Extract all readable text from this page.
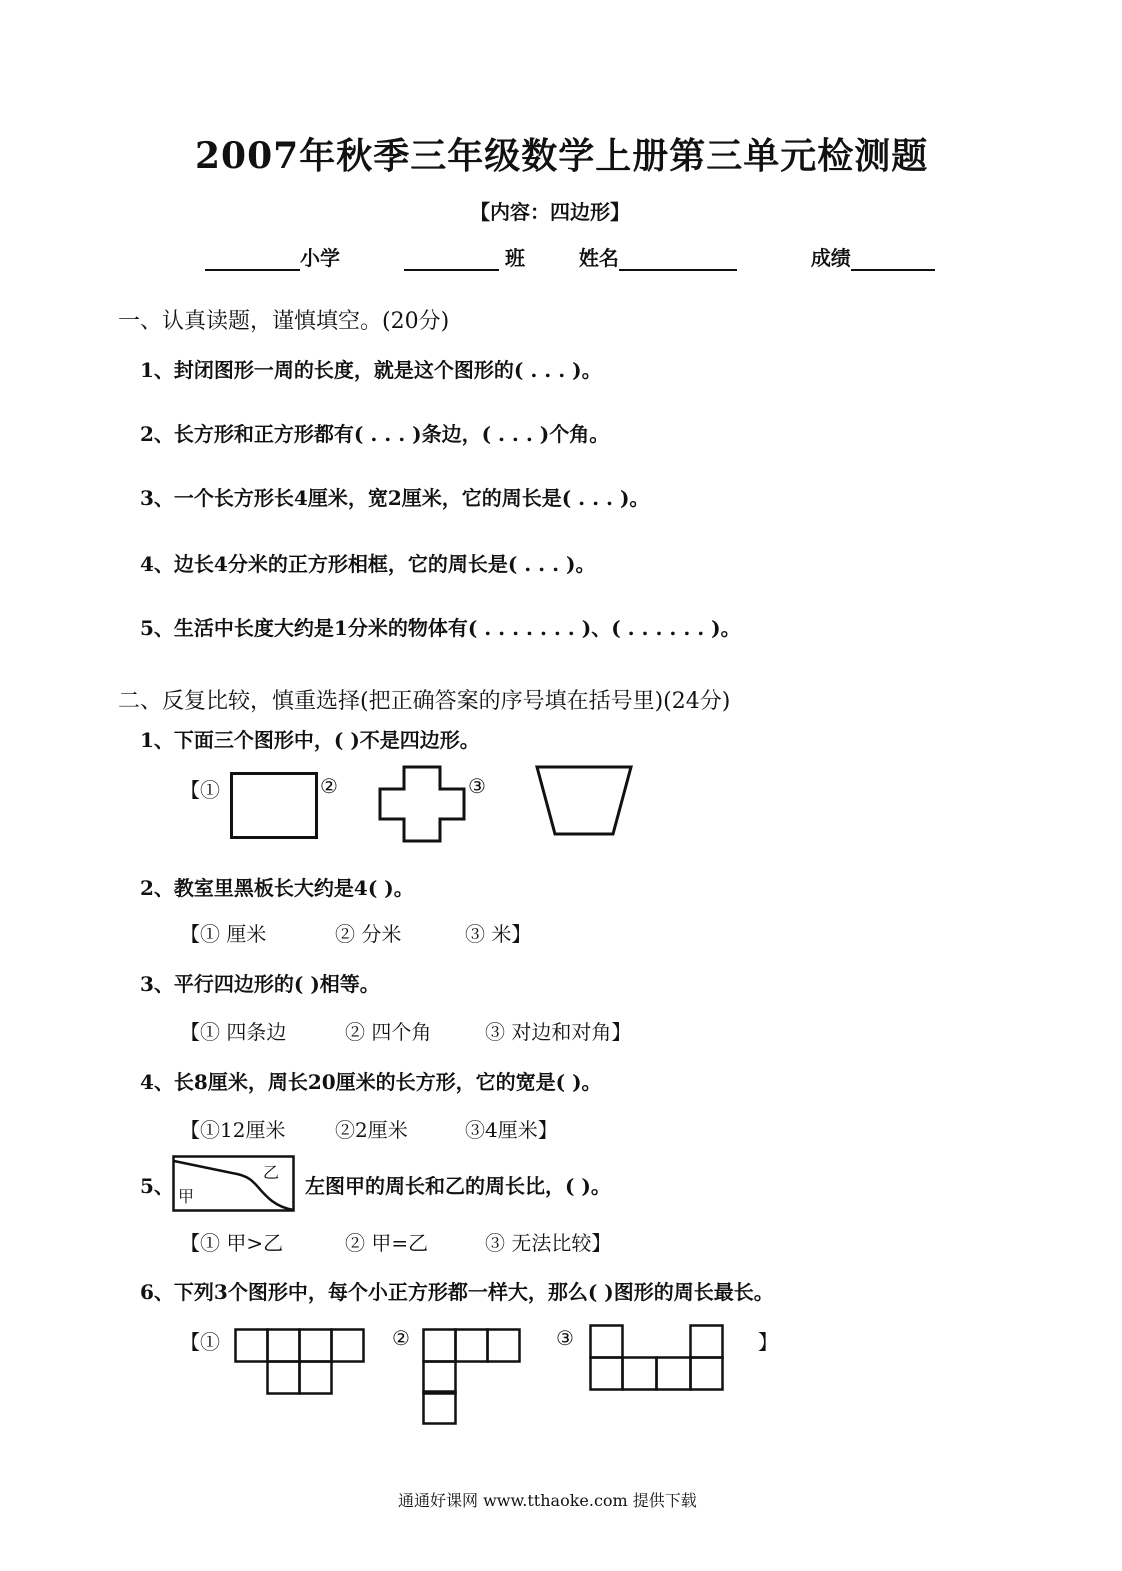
2007年秋季三年级数学上册第三单元检测题
【内容：四边形】
小学	班	姓名	成绩
一、认真读题，谨慎填空。(20分)
1、封闭图形一周的长度，就是这个图形的( . . . )。
2、长方形和正方形都有( . . . )条边，( . . . )个角。
3、一个长方形长4厘米，宽2厘米，它的周长是( . . . )。
4、边长4分米的正方形相框，它的周长是( . . . )。
5、生活中长度大约是1分米的物体有( . . . . . . . )、( . . . . . . )。
二、反复比较，慎重选择(把正确答案的序号填在括号里)(24分)
1、下面三个图形中，( )不是四边形。
【①	②	③
2、教室里黑板长大约是4( )。
【① 厘米	② 分米	③ 米】
3、平行四边形的( )相等。
【① 四条边	② 四个角	③ 对边和对角】
4、长8厘米，周长20厘米的长方形，它的宽是( )。
【①12厘米 ②2厘米	③4厘米】
5、 甲
乙
左图甲的周长和乙的周长比，( )。
【① 甲>乙	② 甲=乙	③ 无法比较】
6、下列3个图形中，每个小正方形都一样大，那么( )图形的周长最长。
【①	②	③	】
通通好课网 www.tthaoke.com 提供下载
